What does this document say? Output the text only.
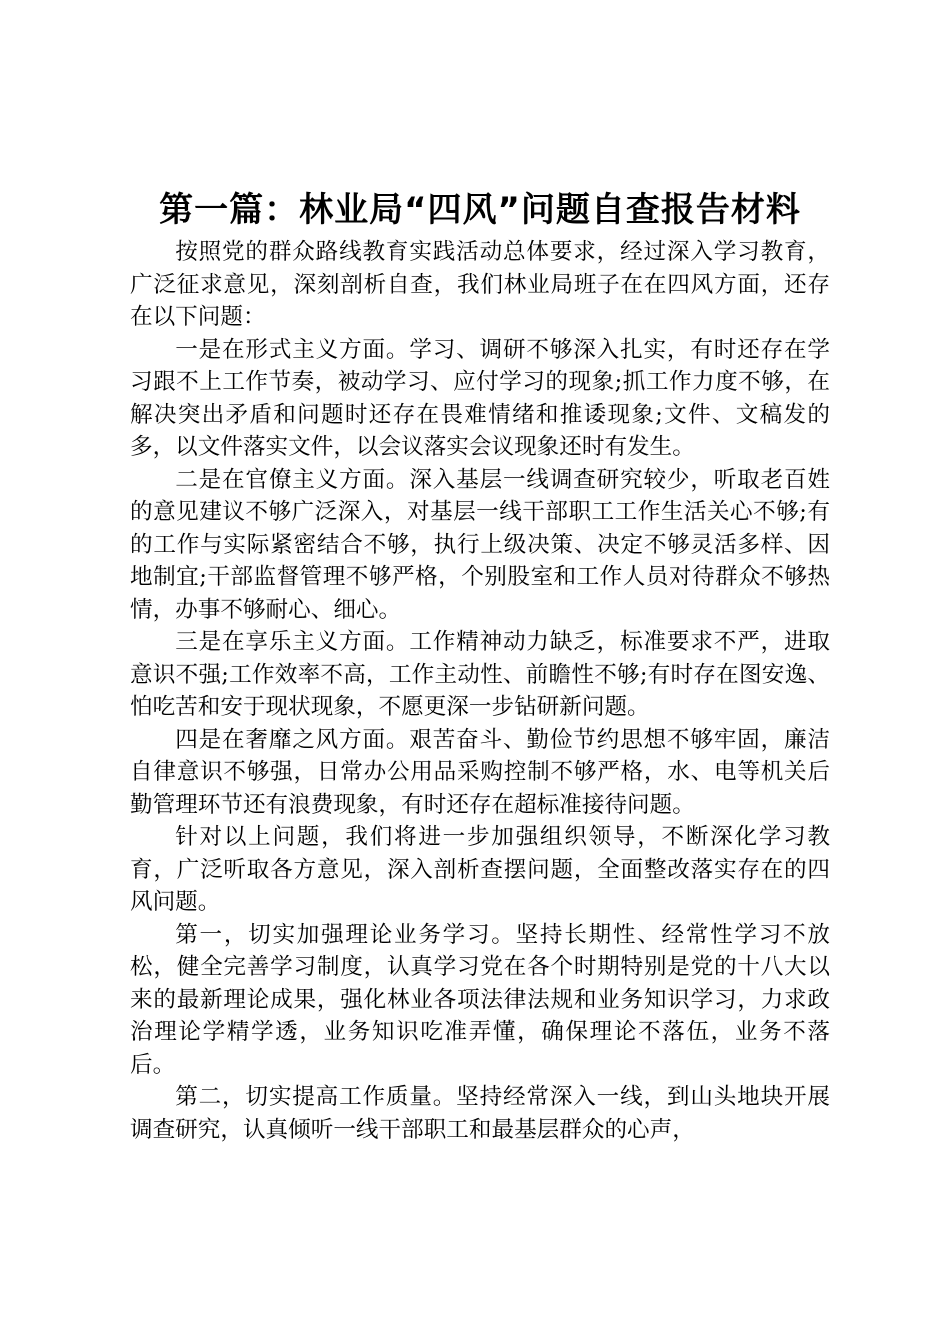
第一篇：林业局“四风”问题自查报告材料

按照党的群众路线教育实践活动总体要求，经过深入学习教育，广泛征求意见，深刻剖析自查，我们林业局班子在在四风方面，还存在以下问题：

一是在形式主义方面。学习、调研不够深入扎实，有时还存在学习跟不上工作节奏，被动学习、应付学习的现象;抓工作力度不够，在解决突出矛盾和问题时还存在畏难情绪和推诿现象;文件、文稿发的多，以文件落实文件，以会议落实会议现象还时有发生。

二是在官僚主义方面。深入基层一线调查研究较少，听取老百姓的意见建议不够广泛深入，对基层一线干部职工工作生活关心不够;有的工作与实际紧密结合不够，执行上级决策、决定不够灵活多样、因地制宜;干部监督管理不够严格，个别股室和工作人员对待群众不够热情，办事不够耐心、细心。

三是在享乐主义方面。工作精神动力缺乏，标准要求不严，进取意识不强;工作效率不高，工作主动性、前瞻性不够;有时存在图安逸、怕吃苦和安于现状现象，不愿更深一步钻研新问题。

四是在奢靡之风方面。艰苦奋斗、勤俭节约思想不够牢固，廉洁自律意识不够强，日常办公用品采购控制不够严格，水、电等机关后勤管理环节还有浪费现象，有时还存在超标准接待问题。

针对以上问题，我们将进一步加强组织领导，不断深化学习教育，广泛听取各方意见，深入剖析查摆问题，全面整改落实存在的四风问题。

第一，切实加强理论业务学习。坚持长期性、经常性学习不放松，健全完善学习制度，认真学习党在各个时期特别是党的十八大以来的最新理论成果，强化林业各项法律法规和业务知识学习，力求政治理论学精学透，业务知识吃准弄懂，确保理论不落伍，业务不落后。

第二，切实提高工作质量。坚持经常深入一线，到山头地块开展调查研究，认真倾听一线干部职工和最基层群众的心声，
